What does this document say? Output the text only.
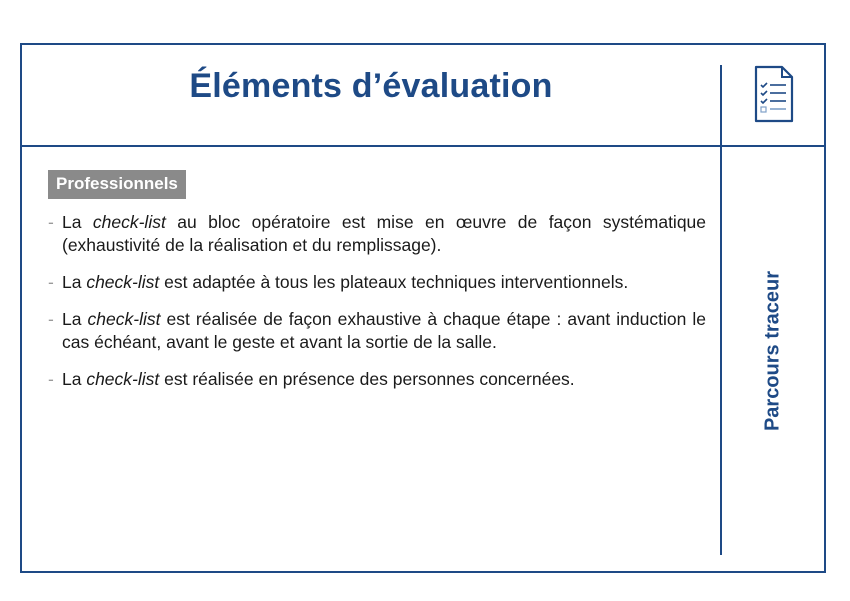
Éléments d’évaluation
Parcours traceur
Professionnels
- La check-list au bloc opératoire est mise en œuvre de façon systématique (exhaustivité de la réalisation et du remplissage).
- La check-list est adaptée à tous les plateaux techniques interventionnels.
- La check-list est réalisée de façon exhaustive à chaque étape : avant induction le cas échéant, avant le geste et avant la sortie de la salle.
- La check-list est réalisée en présence des personnes concernées.
